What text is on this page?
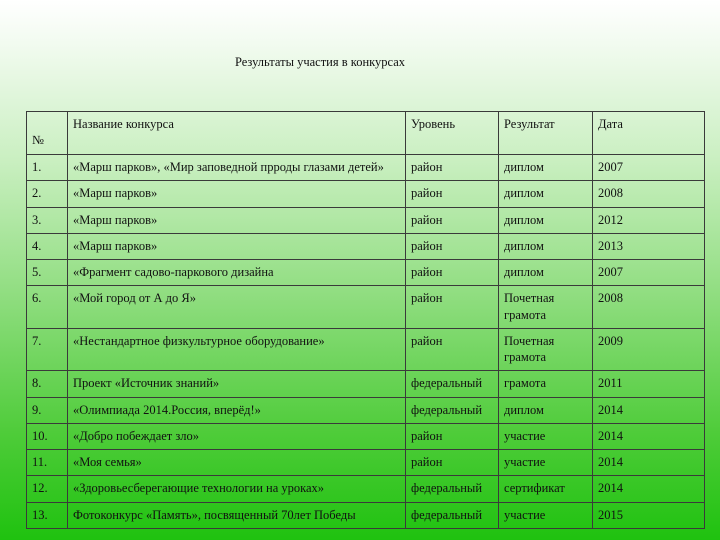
Результаты участия в конкурсах
№	Название конкурса	Уровень	Результат	Дата
1.	«Марш парков», «Мир заповедной прроды глазами детей»	район	диплом	2007
2.	«Марш парков»	район	диплом	2008
3.	«Марш парков»	район	диплом	2012
4.	«Марш парков»	район	диплом	2013
5.	«Фрагмент садово-паркового дизайна	район	диплом	2007
6.	«Мой город от А до Я»	район	Почетная грамота	2008
7.	«Нестандартное физкультурное оборудование»	район	Почетная грамота	2009
8.	Проект «Источник знаний»	федеральный	грамота	2011
9.	«Олимпиада 2014.Россия, вперёд!»	федеральный	диплом	2014
10.	«Добро побеждает зло»	район	участие	2014
11.	«Моя семья»	район	участие	2014
12.	«Здоровьесберегающие технологии на уроках»	федеральный	сертификат	2014
13.	Фотоконкурс «Память», посвященный 70лет Победы	федеральный	участие	2015
